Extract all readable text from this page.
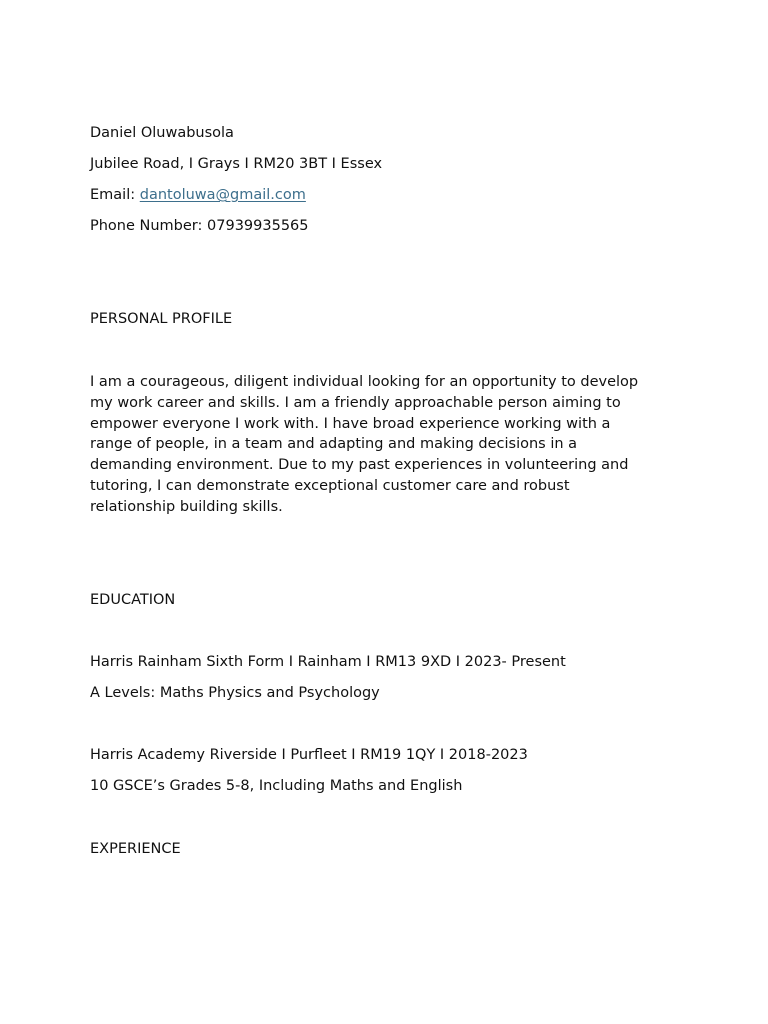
Daniel Oluwabusola

Jubilee Road, I Grays I RM20 3BT I Essex

Email: dantoluwa@gmail.com

Phone Number: 07939935565

PERSONAL PROFILE

I am a courageous, diligent individual looking for an opportunity to develop
my work career and skills. I am a friendly approachable person aiming to
empower everyone I work with. I have broad experience working with a
range of people, in a team and adapting and making decisions in a
demanding environment. Due to my past experiences in volunteering and
tutoring, I can demonstrate exceptional customer care and robust
relationship building skills.

EDUCATION

Harris Rainham Sixth Form I Rainham I RM13 9XD I 2023- Present

A Levels: Maths Physics and Psychology

Harris Academy Riverside I Purfleet I RM19 1QY I 2018-2023

10 GSCE’s Grades 5-8, Including Maths and English

EXPERIENCE
